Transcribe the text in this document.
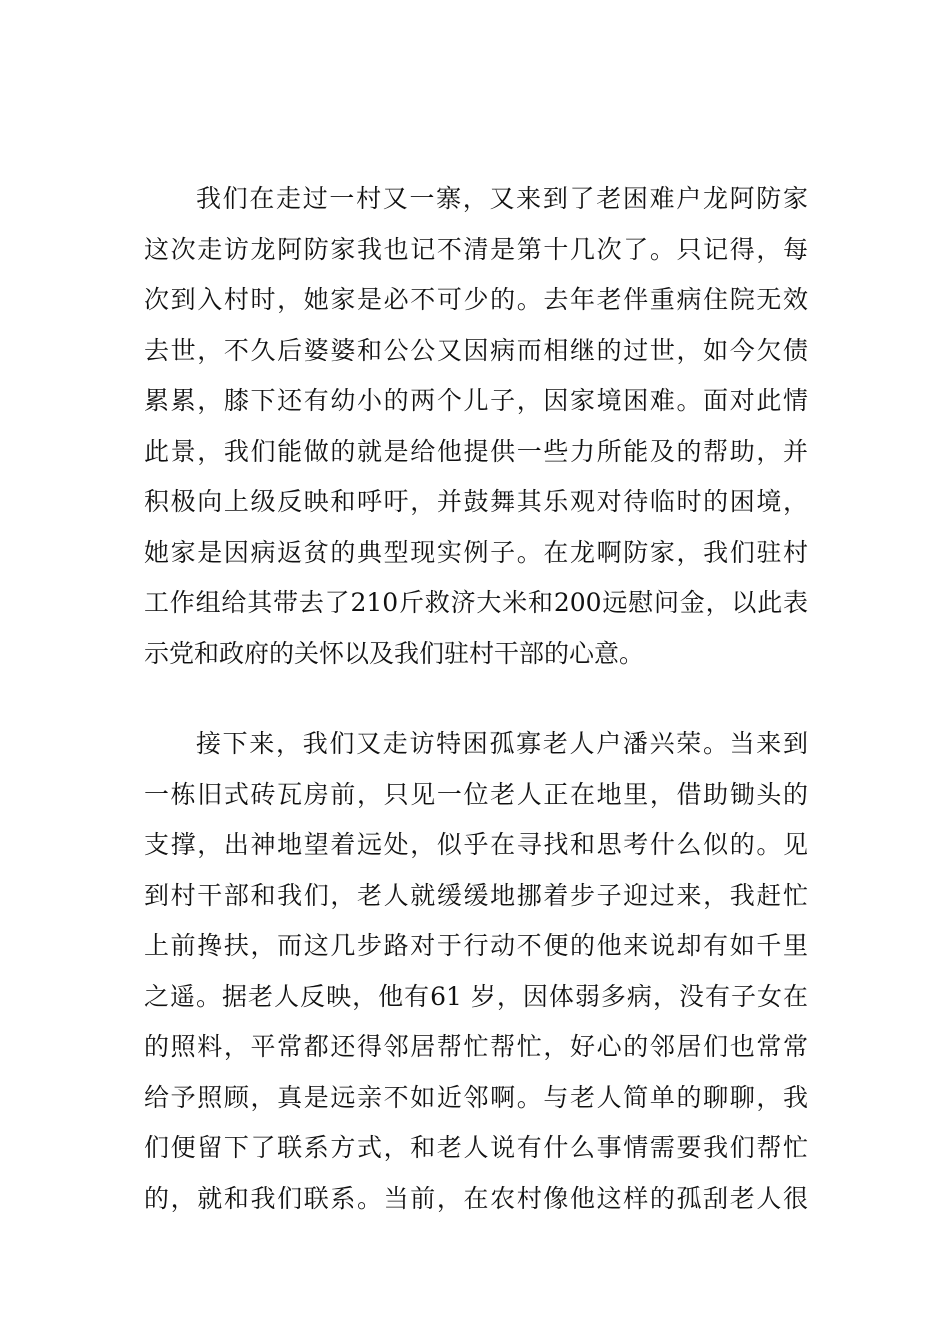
我们在走过一村又一寨，又来到了老困难户龙阿防家
这次走访龙阿防家我也记不清是第十几次了。只记得，每
次到入村时，她家是必不可少的。去年老伴重病住院无效
去世，不久后婆婆和公公又因病而相继的过世，如今欠债
累累，膝下还有幼小的两个儿子，因家境困难。面对此情
此景，我们能做的就是给他提供一些力所能及的帮助，并
积极向上级反映和呼吁，并鼓舞其乐观对待临时的困境，
她家是因病返贫的典型现实例子。在龙啊防家，我们驻村
工作组给其带去了210斤救济大米和200远慰问金，以此表
示党和政府的关怀以及我们驻村干部的心意。
接下来，我们又走访特困孤寡老人户潘兴荣。当来到
一栋旧式砖瓦房前，只见一位老人正在地里，借助锄头的
支撑，出神地望着远处，似乎在寻找和思考什么似的。见
到村干部和我们，老人就缓缓地挪着步子迎过来，我赶忙
上前搀扶，而这几步路对于行动不便的他来说却有如千里
之遥。据老人反映，他有61 岁，因体弱多病，没有子女在
的照料，平常都还得邻居帮忙帮忙，好心的邻居们也常常
给予照顾，真是远亲不如近邻啊。与老人简单的聊聊，我
们便留下了联系方式，和老人说有什么事情需要我们帮忙
的，就和我们联系。当前，在农村像他这样的孤刮老人很
